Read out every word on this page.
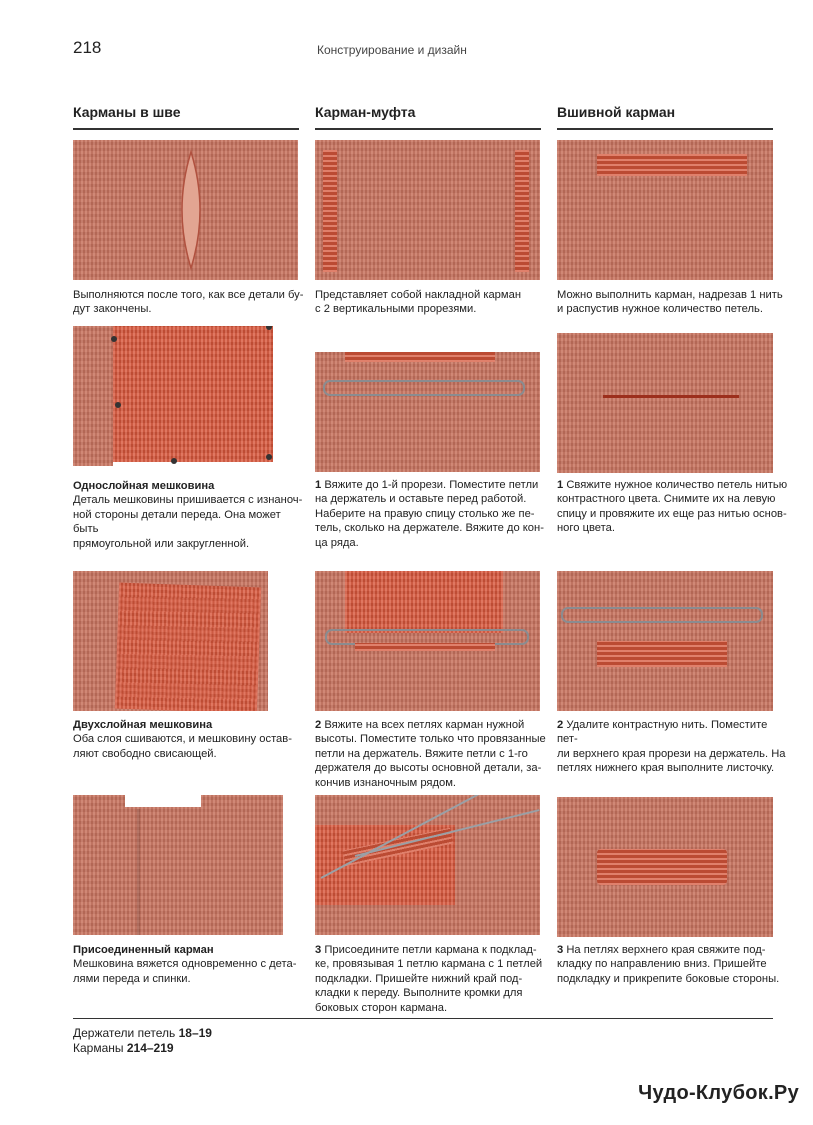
218	Конструирование и дизайн
Карманы в шве	Карман-муфта	Вшивной карман
Выполняются после того, как все детали бу-
дут закончены.
Однослойная мешковина
Деталь мешковины пришивается с изнаноч-
ной стороны детали переда. Она может быть
прямоугольной или закругленной.
Двухслойная мешковина
Оба слоя сшиваются, и мешковину остав-
ляют свободно свисающей.
Присоединенный карман
Мешковина вяжется одновременно с дета-
лями переда и спинки.
Представляет собой накладной карман
с 2 вертикальными прорезями.
1 Вяжите до 1-й прорези. Поместите петли
на держатель и оставьте перед работой.
Наберите на правую спицу столько же пе-
тель, сколько на держателе. Вяжите до кон-
ца ряда.
2 Вяжите на всех петлях карман нужной
высоты. Поместите только что провязанные
петли на держатель. Вяжите петли с 1-го
держателя до высоты основной детали, за-
кончив изнаночным рядом.
3 Присоедините петли кармана к подклад-
ке, провязывая 1 петлю кармана с 1 петлей
подкладки. Пришейте нижний край под-
кладки к переду. Выполните кромки для
боковых сторон кармана.
Можно выполнить карман, надрезав 1 нить
и распустив нужное количество петель.
1 Свяжите нужное количество петель нитью
контрастного цвета. Снимите их на левую
спицу и провяжите их еще раз нитью основ-
ного цвета.
2 Удалите контрастную нить. Поместите пет-
ли верхнего края прорези на держатель. На
петлях нижнего края выполните листочку.
3 На петлях верхнего края свяжите под-
кладку по направлению вниз. Пришейте
подкладку и прикрепите боковые стороны.
Держатели петель 18–19
Карманы 214–219
Чудо-Клубок.Ру
